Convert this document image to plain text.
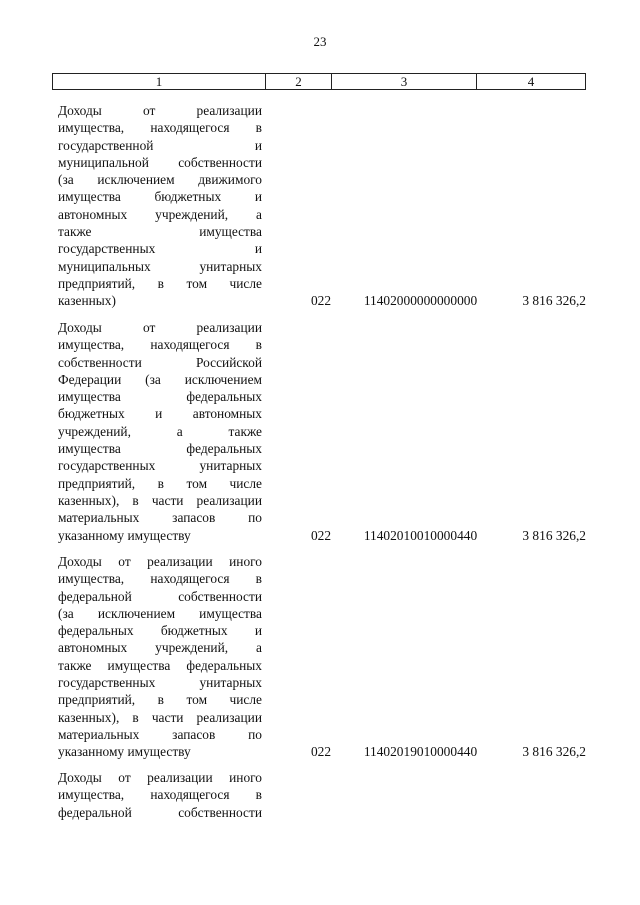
23
1	2	3	4
Доходы от реализации
имущества, находящегося в
государственной и
муниципальной собственности
(за исключением движимого
имущества бюджетных и
автономных учреждений, а
также имущества
государственных и
муниципальных унитарных
предприятий, в том числе
казенных)	022	11402000000000000	3 816 326,2
Доходы от реализации
имущества, находящегося в
собственности Российской
Федерации (за исключением
имущества федеральных
бюджетных и автономных
учреждений, а также
имущества федеральных
государственных унитарных
предприятий, в том числе
казенных), в части реализации
материальных запасов по
указанному имуществу	022	11402010010000440	3 816 326,2
Доходы от реализации иного
имущества, находящегося в
федеральной собственности
(за исключением имущества
федеральных бюджетных и
автономных учреждений, а
также имущества федеральных
государственных унитарных
предприятий, в том числе
казенных), в части реализации
материальных запасов по
указанному имуществу	022	11402019010000440	3 816 326,2
Доходы от реализации иного
имущества, находящегося в
федеральной собственности
